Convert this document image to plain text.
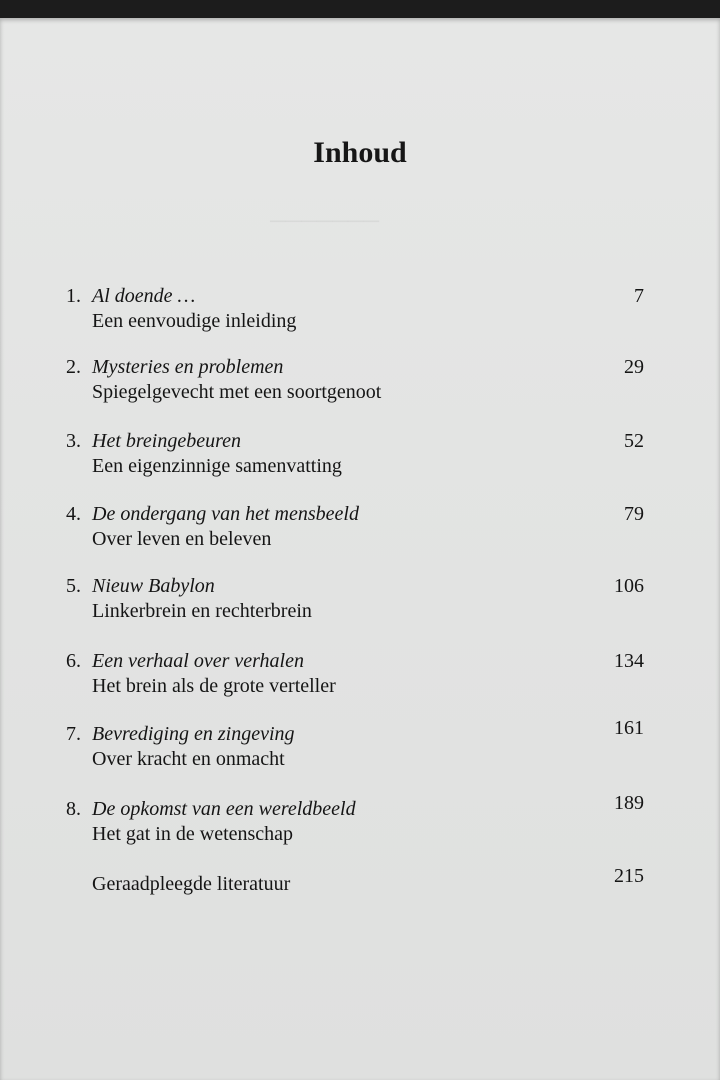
───────
Inhoud
1. Al doende …
Een eenvoudige inleiding
7
2. Mysteries en problemen
Spiegelgevecht met een soortgenoot
29
3. Het breingebeuren
Een eigenzinnige samenvatting
52
4. De ondergang van het mensbeeld
Over leven en beleven
79
5. Nieuw Babylon
Linkerbrein en rechterbrein
106
6. Een verhaal over verhalen
Het brein als de grote verteller
134
7. Bevrediging en zingeving
Over kracht en onmacht
161
8. De opkomst van een wereldbeeld
Het gat in de wetenschap
189
Geraadpleegde literatuur	215
